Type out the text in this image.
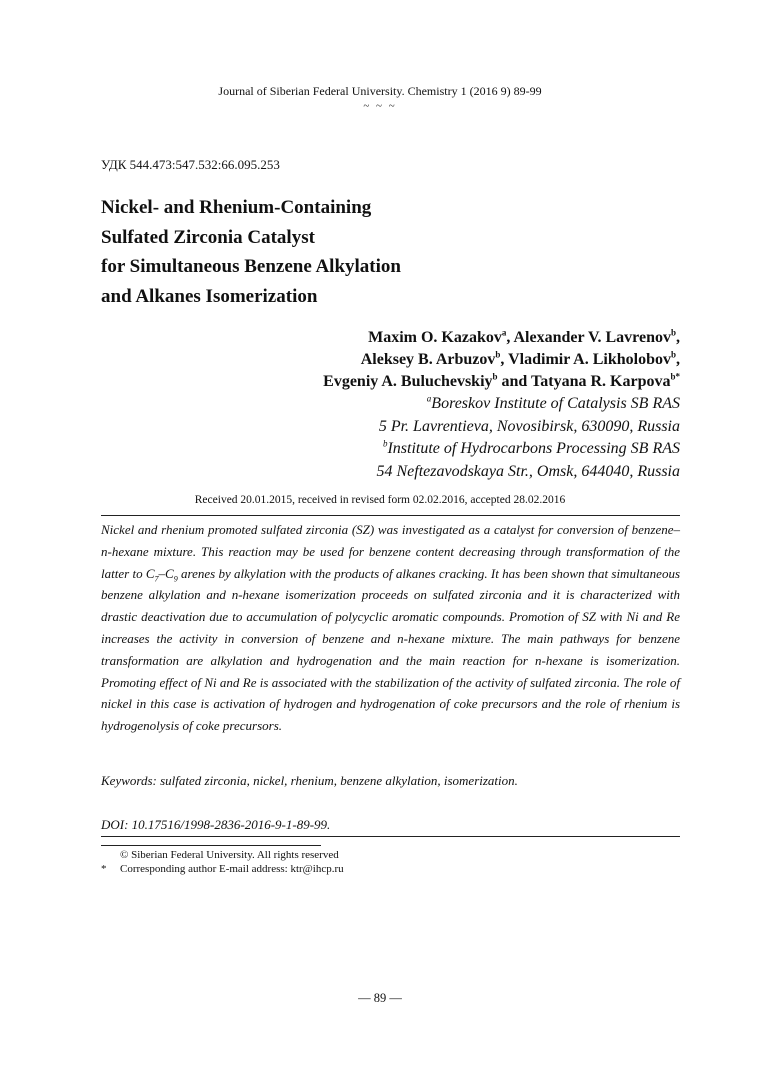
Journal of Siberian Federal University. Chemistry 1 (2016 9) 89-99
~ ~ ~
УДК 544.473:547.532:66.095.253
Nickel- and Rhenium-Containing
Sulfated Zirconia Catalyst
for Simultaneous Benzene Alkylation
and Alkanes Isomerization
Maxim O. Kazakov$^a$, Alexander V. Lavrenov$^b$,
Aleksey B. Arbuzov$^b$, Vladimir A. Likholobov$^b$,
Evgeniy A. Buluchevskiy$^b$ and Tatyana R. Karpova$^{b*}$
$^a$Boreskov Institute of Catalysis SB RAS
5 Pr. Lavrentieva, Novosibirsk, 630090, Russia
$^b$Institute of Hydrocarbons Processing SB RAS
54 Neftezavodskaya Str., Omsk, 644040, Russia
Received 20.01.2015, received in revised form 02.02.2016, accepted 28.02.2016
Nickel and rhenium promoted sulfated zirconia (SZ) was investigated as a catalyst for conversion of benzene–n-hexane mixture. This reaction may be used for benzene content decreasing through transformation of the latter to $C_7-C_9$ arenes by alkylation with the products of alkanes cracking. It has been shown that simultaneous benzene alkylation and n-hexane isomerization proceeds on sulfated zirconia and it is characterized with drastic deactivation due to accumulation of polycyclic aromatic compounds. Promotion of SZ with Ni and Re increases the activity in conversion of benzene and n-hexane mixture. The main pathways for benzene transformation are alkylation and hydrogenation and the main reaction for n-hexane is isomerization. Promoting effect of Ni and Re is associated with the stabilization of the activity of sulfated zirconia. The role of nickel in this case is activation of hydrogen and hydrogenation of coke precursors and the role of rhenium is hydrogenolysis of coke precursors.
Keywords: sulfated zirconia, nickel, rhenium, benzene alkylation, isomerization.
DOI: 10.17516/1998-2836-2016-9-1-89-99.
© Siberian Federal University. All rights reserved
* Corresponding author E-mail address: ktr@ihcp.ru
— 89 —
